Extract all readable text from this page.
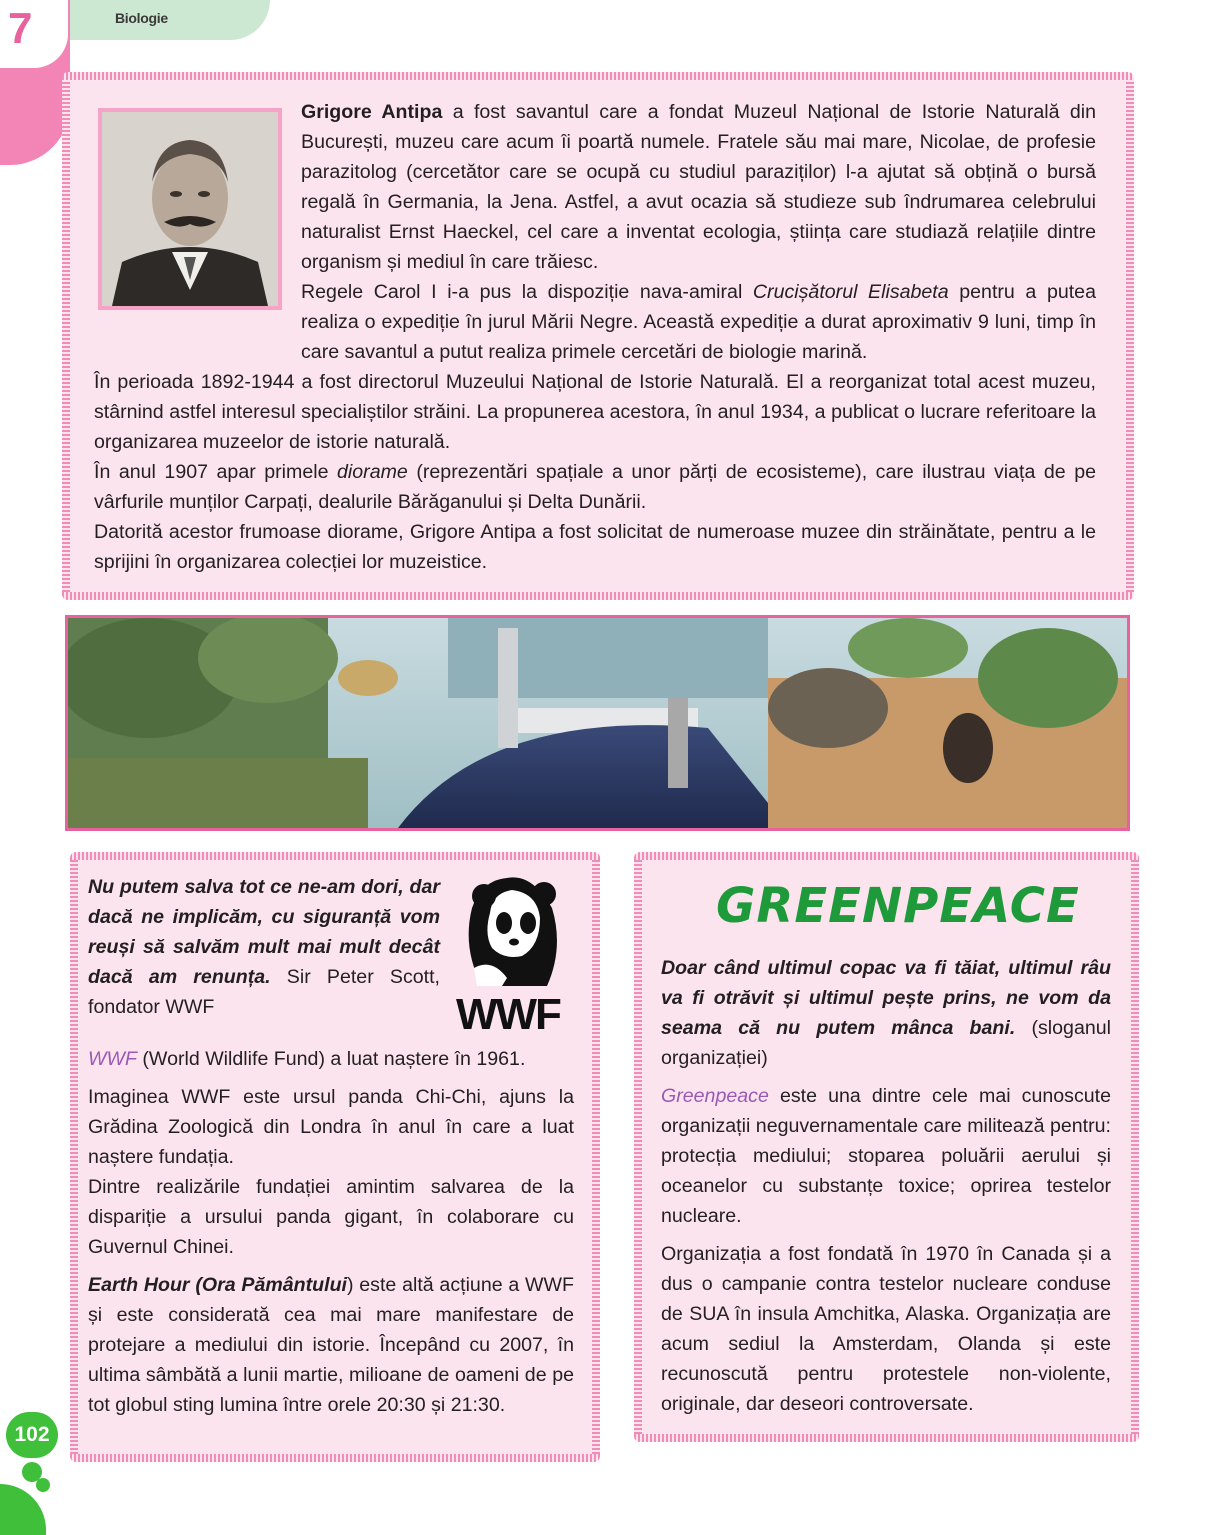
7	Biologie

Grigore Antipa a fost savantul care a fondat Muzeul Național de Istorie Naturală din București, muzeu care acum îi poartă numele. Fratele său mai mare, Nicolae, de profesie parazitolog (cercetător care se ocupă cu studiul paraziților) l-a ajutat să obțină o bursă regală în Germania, la Jena. Astfel, a avut ocazia să studieze sub îndrumarea celebrului naturalist Ernst Haeckel, cel care a inventat ecologia, știința care studiază relațiile dintre organism și mediul în care trăiesc.

Regele Carol I i-a pus la dispoziție nava-amiral Crucișătorul Elisabeta pentru a putea realiza o expediție în jurul Mării Negre. Această expediție a durat aproximativ 9 luni, timp în care savantul a putut realiza primele cercetări de biologie marină.

În perioada 1892-1944 a fost directorul Muzeului Național de Istorie Naturală. El a reorganizat total acest muzeu, stârnind astfel interesul specialiștilor străini. La propunerea acestora, în anul 1934, a publicat o lucrare referitoare la organizarea muzeelor de istorie naturală.

În anul 1907 apar primele diorame (reprezentări spațiale a unor părți de ecosisteme), care ilustrau viața de pe vârfurile munților Carpați, dealurile Bărăganului și Delta Dunării.

Datorită acestor frumoase diorame, Grigore Antipa a fost solicitat de numeroase muzee din străinătate, pentru a le sprijini în organizarea colecției lor muzeistice.

Nu putem salva tot ce ne-am dori, dar dacă ne implicăm, cu siguranță vom reuși să salvăm mult mai mult decât dacă am renunța. Sir Peter Scott, fondator WWF	WWF

WWF (World Wildlife Fund) a luat naștere în 1961.

Imaginea WWF este ursul panda Chi-Chi, ajuns la Grădina Zoologică din Londra în anul în care a luat naștere fundația.

Dintre realizările fundației amintim salvarea de la dispariție a ursului panda gigant, în colaborare cu Guvernul Chinei.

Earth Hour (Ora Pământului) este altă acțiune a WWF și este considerată cea mai mare manifestare de protejare a mediului din istorie. Începând cu 2007, în ultima sâmbătă a lunii martie, milioane de oameni de pe tot globul sting lumina între orele 20:30 și 21:30.

GREENPEACE

Doar când ultimul copac va fi tăiat, ultimul râu va fi otrăvit și ultimul pește prins, ne vom da seama că nu putem mânca bani. (sloganul organizației)

Greenpeace este una dintre cele mai cunoscute organizații neguvernamentale care militează pentru: protecția mediului; stoparea poluării aerului și oceanelor cu substanțe toxice; oprirea testelor nucleare.

Organizația a fost fondată în 1970 în Canada și a dus o campanie contra testelor nucleare conduse de SUA în insula Amchitka, Alaska. Organizația are acum sediul la Amsterdam, Olanda și este recunoscută pentru protestele non-violente, originale, dar deseori controversate.

102
